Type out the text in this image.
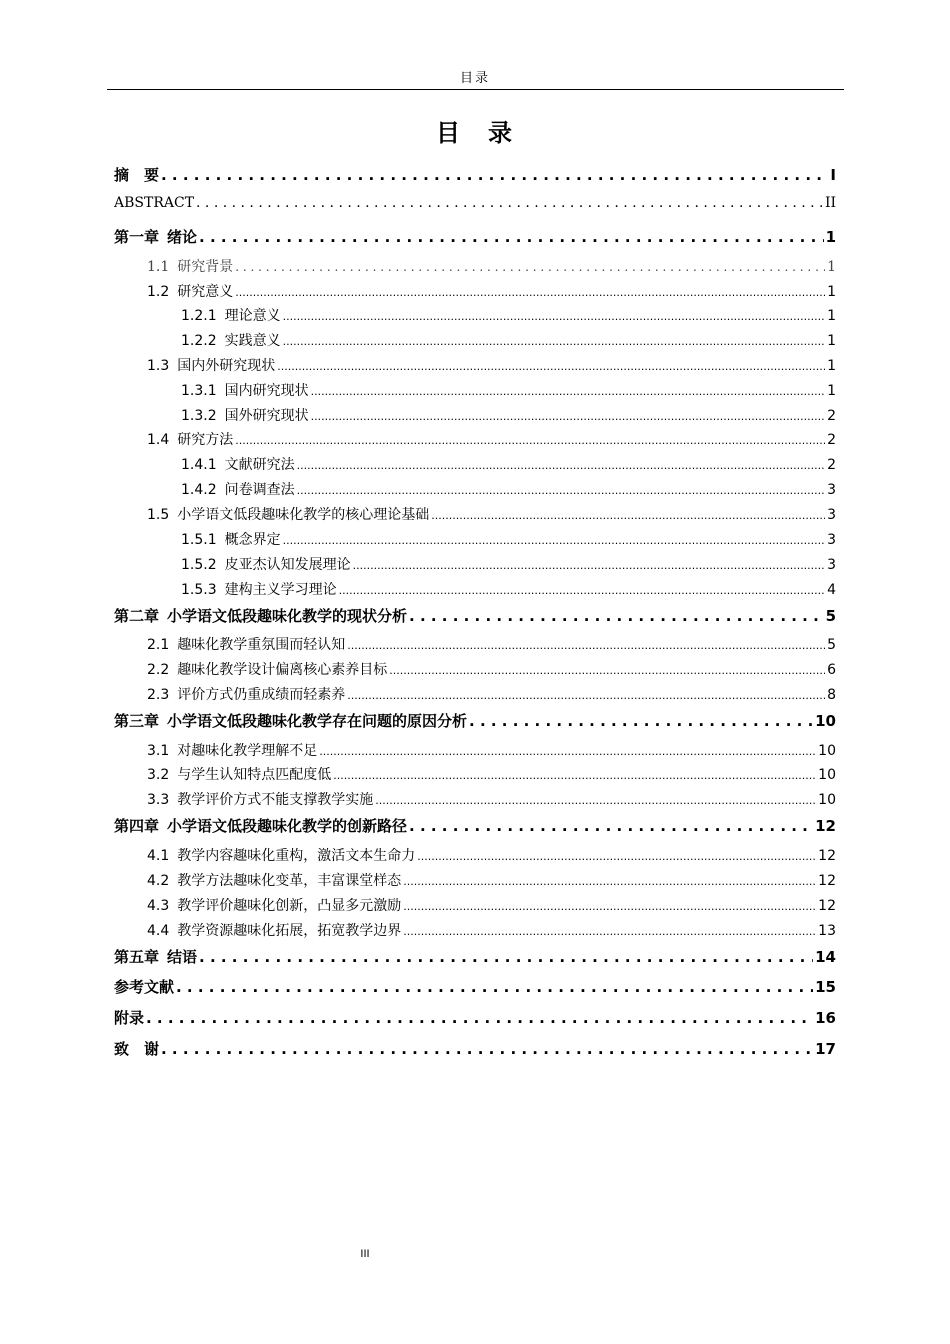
目录
目 录
摘　要 . . .	I
ABSTRACT . . .	II
第一章 绪论 . . .	1
1.1 研究背景 . . .	1
1.2 研究意义 .....	1
1.2.1 理论意义 .....	1
1.2.2 实践意义 .....	1
1.3 国内外研究现状 .....	1
1.3.1 国内研究现状 .....	1
1.3.2 国外研究现状 .....	2
1.4 研究方法 .....	2
1.4.1 文献研究法 .....	2
1.4.2 问卷调查法 .....	3
1.5 小学语文低段趣味化教学的核心理论基础 .....	3
1.5.1 概念界定 .....	3
1.5.2 皮亚杰认知发展理论 .....	3
1.5.3 建构主义学习理论 .....	4
第二章 小学语文低段趣味化教学的现状分析 . . .	5
2.1 趣味化教学重氛围而轻认知 .....	5
2.2 趣味化教学设计偏离核心素养目标 .....	6
2.3 评价方式仍重成绩而轻素养 .....	8
第三章 小学语文低段趣味化教学存在问题的原因分析 . . .	10
3.1 对趣味化教学理解不足 .....	10
3.2 与学生认知特点匹配度低 .....	10
3.3 教学评价方式不能支撑教学实施 .....	10
第四章 小学语文低段趣味化教学的创新路径 . . .	12
4.1 教学内容趣味化重构，激活文本生命力 .....	12
4.2 教学方法趣味化变革，丰富课堂样态 .....	12
4.3 教学评价趣味化创新，凸显多元激励 .....	12
4.4 教学资源趣味化拓展，拓宽教学边界 .....	13
第五章 结语 . . .	14
参考文献 . . .	15
附录 . . .	16
致　谢 . . .	17
III
